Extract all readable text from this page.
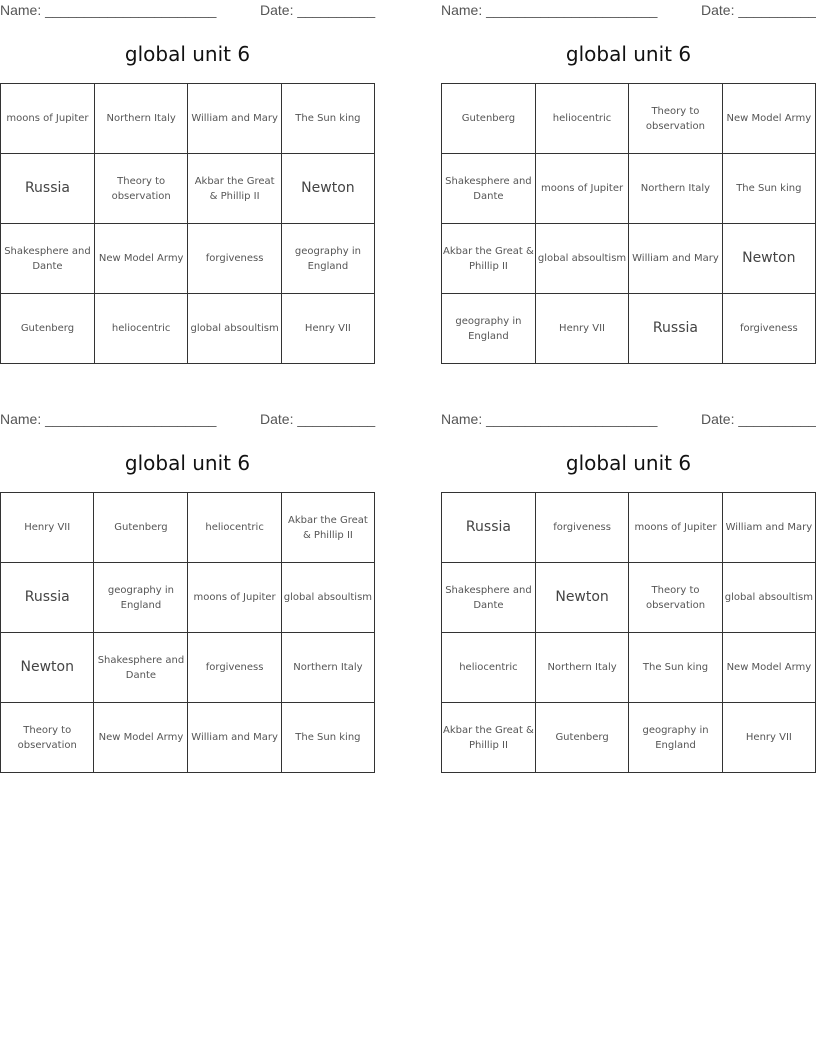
Name: ______________________	Date: __________
global unit 6
moons of Jupiter	Northern Italy	William and Mary	The Sun king
Russia	Theory to observation	Akbar the Great & Phillip II	Newton
Shakesphere and Dante	New Model Army	forgiveness	geography in England
Gutenberg	heliocentric	global absoultism	Henry VII
Name: ______________________	Date: __________
global unit 6
Gutenberg	heliocentric	Theory to observation	New Model Army
Shakesphere and Dante	moons of Jupiter	Northern Italy	The Sun king
Akbar the Great & Phillip II	global absoultism	William and Mary	Newton
geography in England	Henry VII	Russia	forgiveness
Name: ______________________	Date: __________
global unit 6
Henry VII	Gutenberg	heliocentric	Akbar the Great & Phillip II
Russia	geography in England	moons of Jupiter	global absoultism
Newton	Shakesphere and Dante	forgiveness	Northern Italy
Theory to observation	New Model Army	William and Mary	The Sun king
Name: ______________________	Date: __________
global unit 6
Russia	forgiveness	moons of Jupiter	William and Mary
Shakesphere and Dante	Newton	Theory to observation	global absoultism
heliocentric	Northern Italy	The Sun king	New Model Army
Akbar the Great & Phillip II	Gutenberg	geography in England	Henry VII
